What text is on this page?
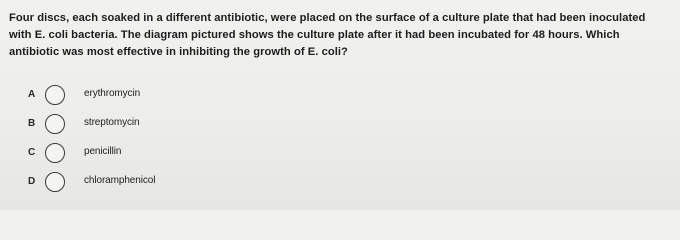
Four discs, each soaked in a different antibiotic, were placed on the surface of a culture plate that had been inoculated

with E. coli bacteria. The diagram pictured shows the culture plate after it had been incubated for 48 hours. Which

antibiotic was most effective in inhibiting the growth of E. coli?

A	erythromycin
B	streptomycin
C	penicillin
D	chloramphenicol
